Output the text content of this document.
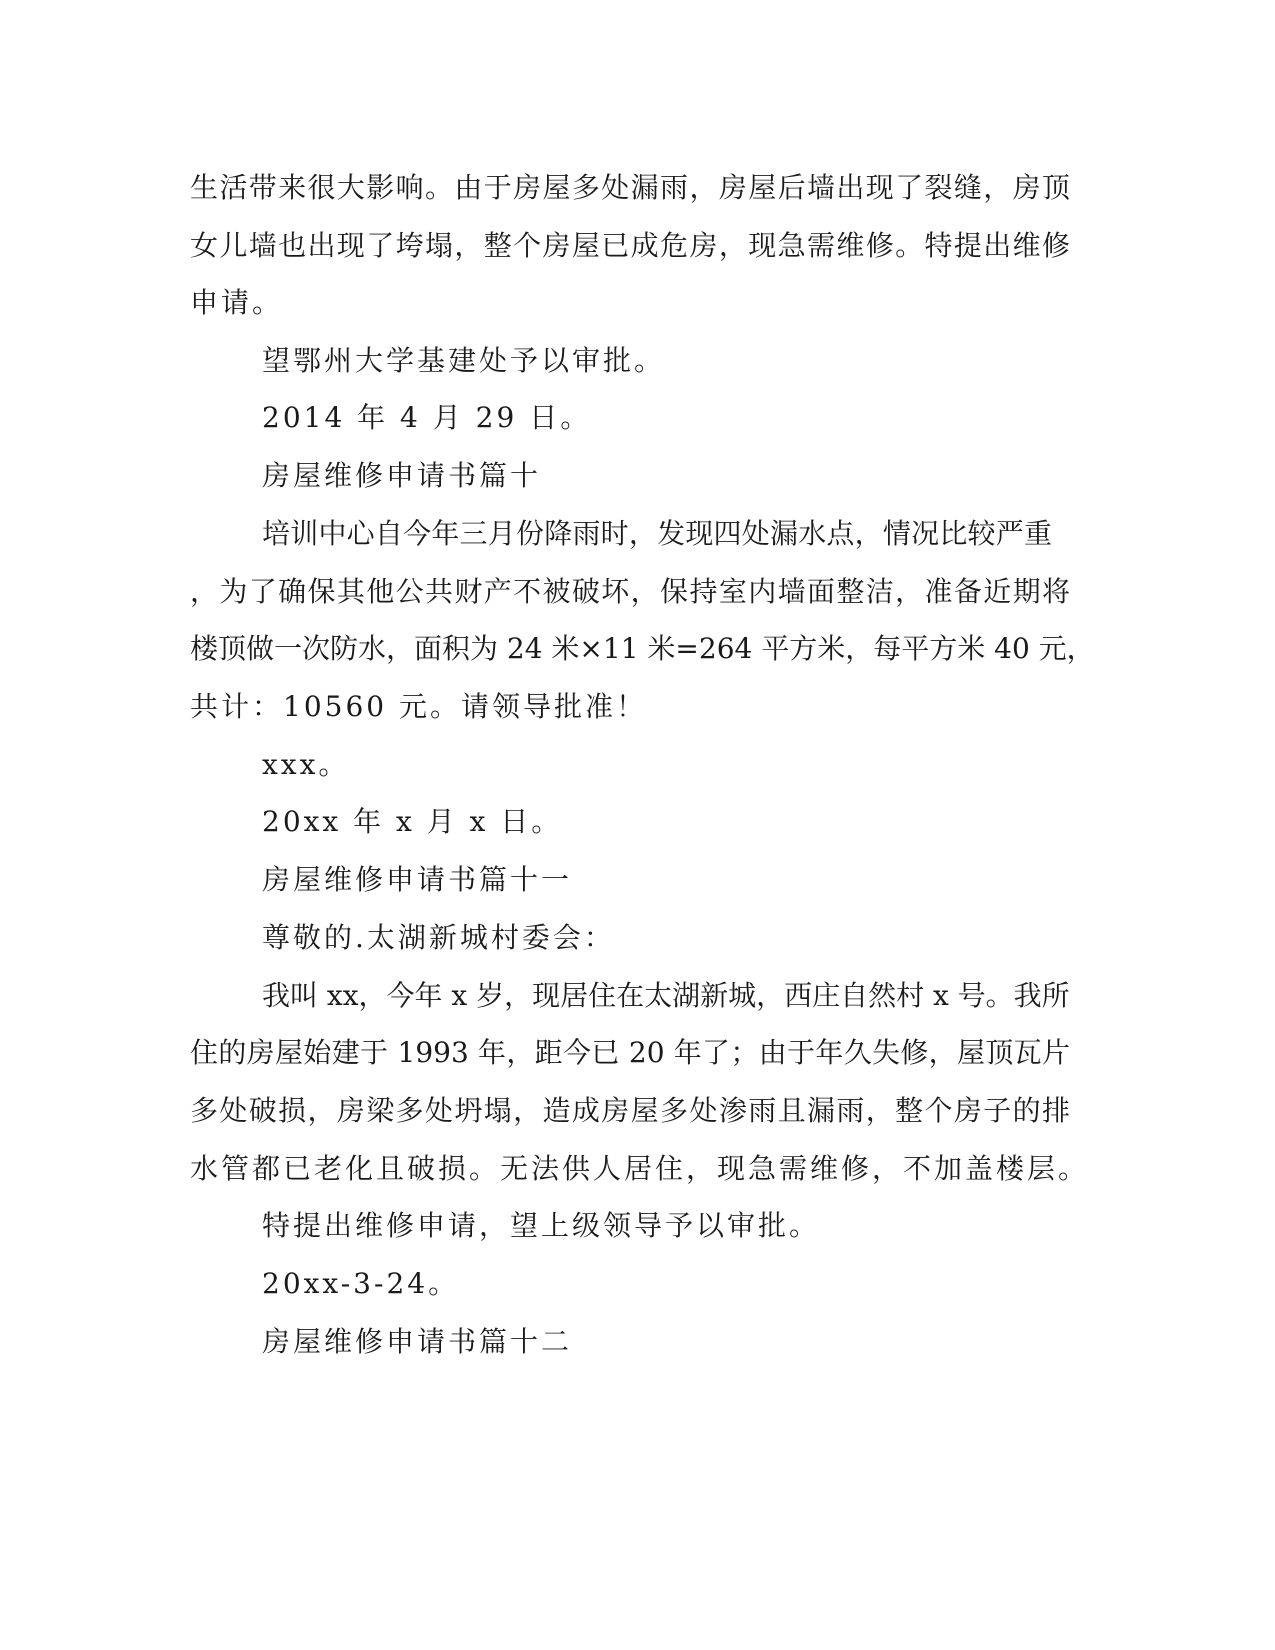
生活带来很大影响。由于房屋多处漏雨，房屋后墙出现了裂缝，房顶
女儿墙也出现了垮塌，整个房屋已成危房，现急需维修。特提出维修
申请。
望鄂州大学基建处予以审批。
2014 年 4 月 29 日。
房屋维修申请书篇十
培训中心自今年三月份降雨时，发现四处漏水点，情况比较严重
，为了确保其他公共财产不被破坏，保持室内墙面整洁，准备近期将
楼顶做一次防水，面积为 24 米×11 米=264 平方米，每平方米 40 元，
共计：10560 元。请领导批准！
xxx。
20xx 年 x 月 x 日。
房屋维修申请书篇十一
尊敬的.太湖新城村委会：
我叫 xx，今年 x 岁，现居住在太湖新城，西庄自然村 x 号。我所
住的房屋始建于 1993 年，距今已 20 年了；由于年久失修，屋顶瓦片
多处破损，房梁多处坍塌，造成房屋多处渗雨且漏雨，整个房子的排
水管都已老化且破损。无法供人居住，现急需维修，不加盖楼层。
特提出维修申请，望上级领导予以审批。
20xx-3-24。
房屋维修申请书篇十二
